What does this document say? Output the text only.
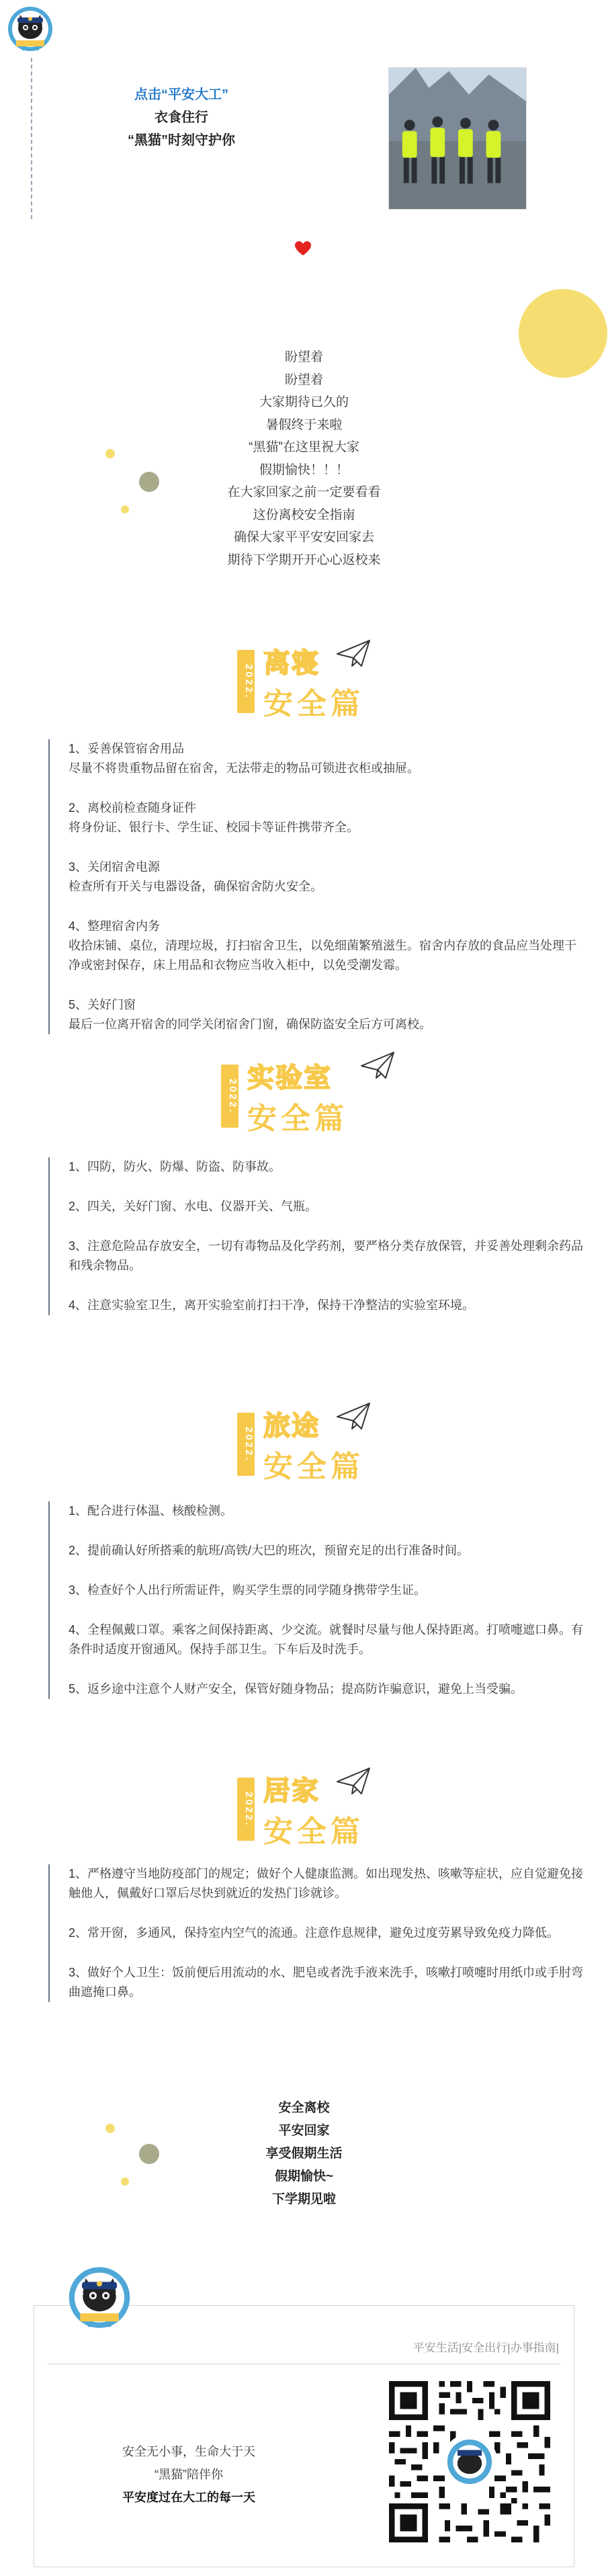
点击“平安大工”
衣食住行
“黑猫”时刻守护你
盼望着
盼望着
大家期待已久的
暑假终于来啦
“黑猫”在这里祝大家
假期愉快！！！
在大家回家之前一定要看看
这份离校安全指南
确保大家平平安安回家去
期待下学期开开心心返校来
2022.
离寝
安全篇

1、妥善保管宿舍用品
尽量不将贵重物品留在宿舍，无法带走的物品可锁进衣柜或抽屉。

2、离校前检查随身证件
将身份证、银行卡、学生证、校园卡等证件携带齐全。

3、关闭宿舍电源
检查所有开关与电器设备，确保宿舍防火安全。

4、整理宿舍内务
收拾床铺、桌位，清理垃圾，打扫宿舍卫生，以免细菌繁殖滋生。宿舍内存放的食品应当处理干净或密封保存，床上用品和衣物应当收入柜中，以免受潮发霉。

5、关好门窗
最后一位离开宿舍的同学关闭宿舍门窗，确保防盗安全后方可离校。

2022.
实验室
安全篇

1、四防，防火、防爆、防盗、防事故。

2、四关，关好门窗、水电、仪器开关、气瓶。

3、注意危险品存放安全，一切有毒物品及化学药剂，要严格分类存放保管，并妥善处理剩余药品和残余物品。

4、注意实验室卫生，离开实验室前打扫干净，保持干净整洁的实验室环境。

2022.
旅途
安全篇

1、配合进行体温、核酸检测。

2、提前确认好所搭乘的航班/高铁/大巴的班次，预留充足的出行准备时间。

3、检查好个人出行所需证件，购买学生票的同学随身携带学生证。

4、全程佩戴口罩。乘客之间保持距离、少交流。就餐时尽量与他人保持距离。打喷嚏遮口鼻。有条件时适度开窗通风。保持手部卫生。下车后及时洗手。

5、返乡途中注意个人财产安全，保管好随身物品；提高防诈骗意识，避免上当受骗。

2022.
居家
安全篇

1、严格遵守当地防疫部门的规定；做好个人健康监测。如出现发热、咳嗽等症状，应自觉避免接触他人，佩戴好口罩后尽快到就近的发热门诊就诊。

2、常开窗，多通风，保持室内空气的流通。注意作息规律，避免过度劳累导致免疫力降低。

3、做好个人卫生：饭前便后用流动的水、肥皂或者洗手液来洗手，咳嗽打喷嚏时用纸巾或手肘弯曲遮掩口鼻。

安全离校
平安回家
享受假期生活
假期愉快~
下学期见啦
平安生活|安全出行|办事指南|
安全无小事，生命大于天
“黑猫”陪伴你
平安度过在大工的每一天
